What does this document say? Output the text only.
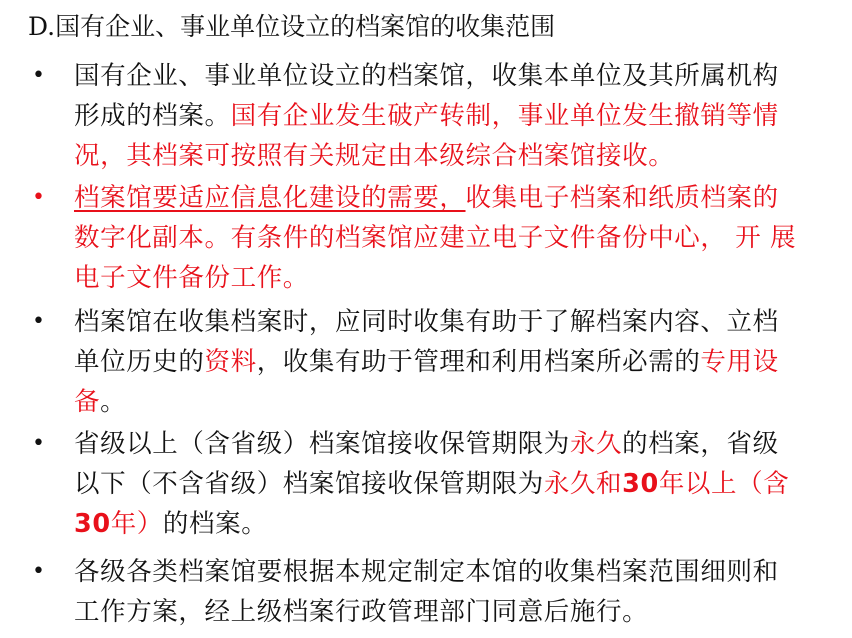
D.国有企业、事业单位设立的档案馆的收集范围
• 国有企业、事业单位设立的档案馆，收集本单位及其所属机构
形成的档案。国有企业发生破产转制，事业单位发生撤销等情
况，其档案可按照有关规定由本级综合档案馆接收。
• 档案馆要适应信息化建设的需要，收集电子档案和纸质档案的
数字化副本。有条件的档案馆应建立电子文件备份中心， 开 展
电子文件备份工作。
• 档案馆在收集档案时，应同时收集有助于了解档案内容、立档
单位历史的资料，收集有助于管理和利用档案所必需的专用设
备。
• 省级以上（含省级）档案馆接收保管期限为永久的档案，省级
以下（不含省级）档案馆接收保管期限为永久和30年以上（含
30年）的档案。
• 各级各类档案馆要根据本规定制定本馆的收集档案范围细则和
工作方案，经上级档案行政管理部门同意后施行。
